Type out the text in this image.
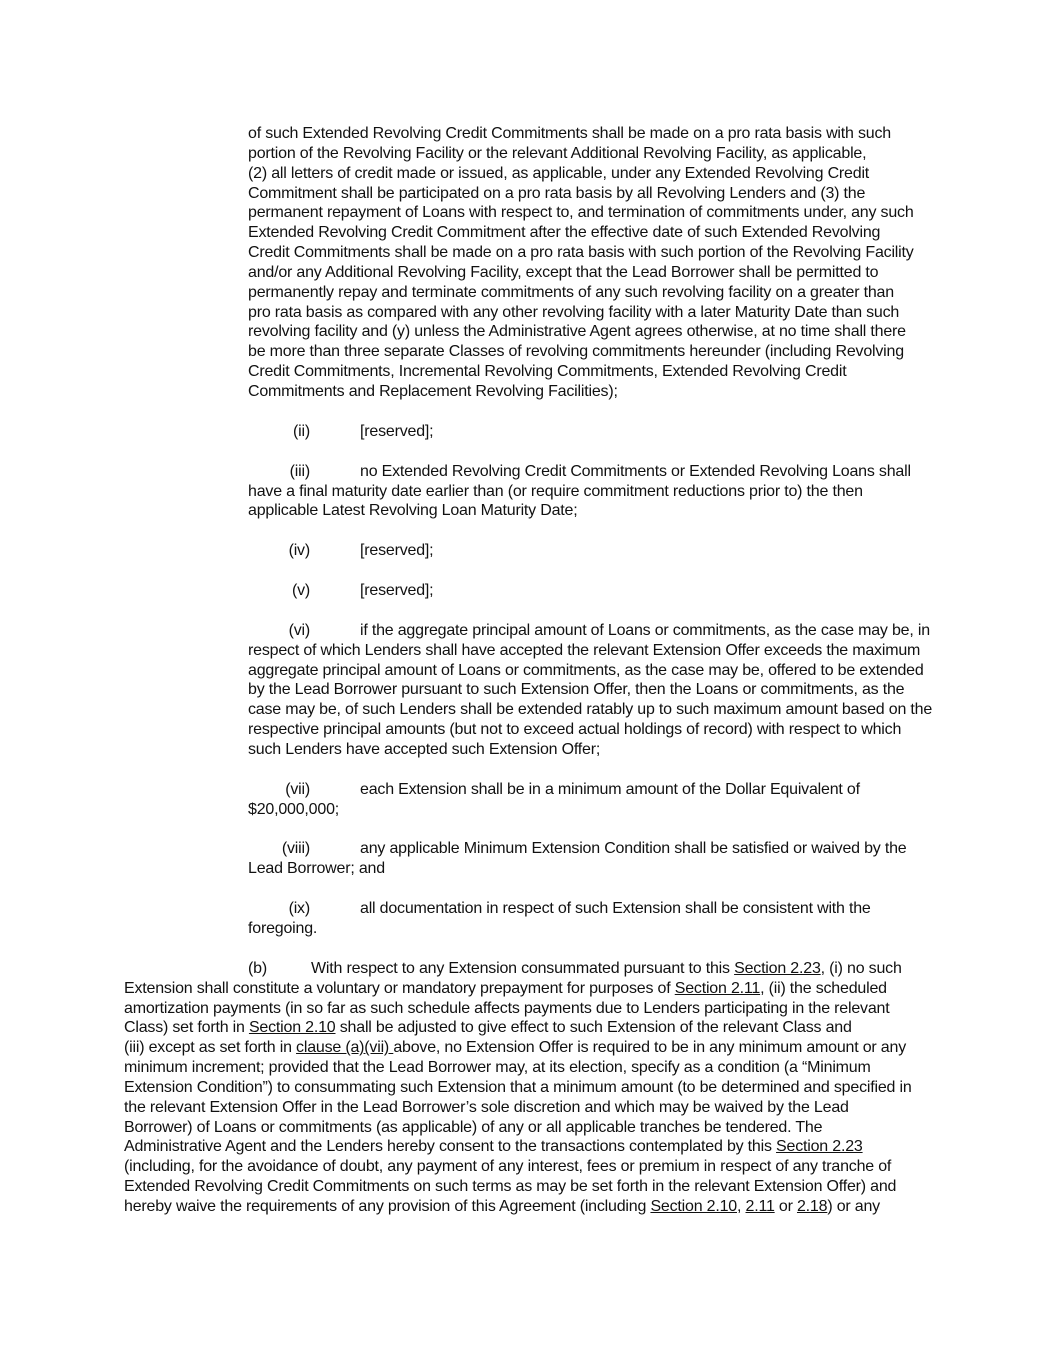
of such Extended Revolving Credit Commitments shall be made on a pro rata basis with such
portion of the Revolving Facility or the relevant Additional Revolving Facility, as applicable,
(2) all letters of credit made or issued, as applicable, under any Extended Revolving Credit
Commitment shall be participated on a pro rata basis by all Revolving Lenders and (3) the
permanent repayment of Loans with respect to, and termination of commitments under, any such
Extended Revolving Credit Commitment after the effective date of such Extended Revolving
Credit Commitments shall be made on a pro rata basis with such portion of the Revolving Facility
and/or any Additional Revolving Facility, except that the Lead Borrower shall be permitted to
permanently repay and terminate commitments of any such revolving facility on a greater than
pro rata basis as compared with any other revolving facility with a later Maturity Date than such
revolving facility and (y) unless the Administrative Agent agrees otherwise, at no time shall there
be more than three separate Classes of revolving commitments hereunder (including Revolving
Credit Commitments, Incremental Revolving Commitments, Extended Revolving Credit
Commitments and Replacement Revolving Facilities);
(ii)	[reserved];
(iii)	no Extended Revolving Credit Commitments or Extended Revolving Loans shall
have a final maturity date earlier than (or require commitment reductions prior to) the then
applicable Latest Revolving Loan Maturity Date;
(iv)	[reserved];
(v)	[reserved];
(vi)	if the aggregate principal amount of Loans or commitments, as the case may be, in
respect of which Lenders shall have accepted the relevant Extension Offer exceeds the maximum
aggregate principal amount of Loans or commitments, as the case may be, offered to be extended
by the Lead Borrower pursuant to such Extension Offer, then the Loans or commitments, as the
case may be, of such Lenders shall be extended ratably up to such maximum amount based on the
respective principal amounts (but not to exceed actual holdings of record) with respect to which
such Lenders have accepted such Extension Offer;
(vii)	each Extension shall be in a minimum amount of the Dollar Equivalent of
$20,000,000;
(viii)	any applicable Minimum Extension Condition shall be satisfied or waived by the
Lead Borrower; and
(ix)	all documentation in respect of such Extension shall be consistent with the
foregoing.
(b)	With respect to any Extension consummated pursuant to this Section 2.23, (i) no such
Extension shall constitute a voluntary or mandatory prepayment for purposes of Section 2.11, (ii) the scheduled
amortization payments (in so far as such schedule affects payments due to Lenders participating in the relevant
Class) set forth in Section 2.10 shall be adjusted to give effect to such Extension of the relevant Class and
(iii) except as set forth in clause (a)(vii) above, no Extension Offer is required to be in any minimum amount or any
minimum increment; provided that the Lead Borrower may, at its election, specify as a condition (a “Minimum
Extension Condition”) to consummating such Extension that a minimum amount (to be determined and specified in
the relevant Extension Offer in the Lead Borrower’s sole discretion and which may be waived by the Lead
Borrower) of Loans or commitments (as applicable) of any or all applicable tranches be tendered. The
Administrative Agent and the Lenders hereby consent to the transactions contemplated by this Section 2.23
(including, for the avoidance of doubt, any payment of any interest, fees or premium in respect of any tranche of
Extended Revolving Credit Commitments on such terms as may be set forth in the relevant Extension Offer) and
hereby waive the requirements of any provision of this Agreement (including Section 2.10, 2.11 or 2.18) or any
